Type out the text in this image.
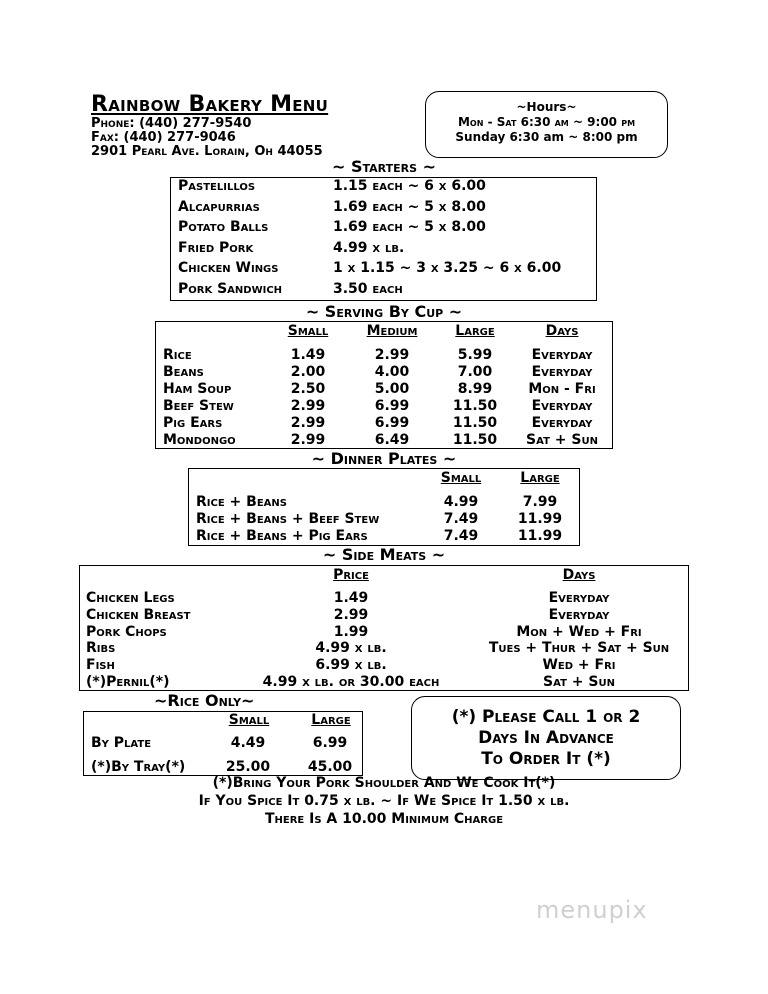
Rainbow Bakery Menu
Phone: (440) 277-9540
Fax: (440) 277-9046
2901 Pearl Ave. Lorain, Oh 44055
~Hours~
Mon - Sat 6:30 am ~ 9:00 pm
Sunday 6:30 am ~ 8:00 pm
~ Starters ~
Pastelillos	1.15 each ~ 6 x 6.00
Alcapurrias	1.69 each ~ 5 x 8.00
Potato Balls	1.69 each ~ 5 x 8.00
Fried Pork	4.99 x lb.
Chicken Wings	1 x 1.15 ~ 3 x 3.25 ~ 6 x 6.00
Pork Sandwich	3.50 each
~ Serving By Cup ~
Small	Medium	Large	Days
Rice	1.49	2.99	5.99	Everyday
Beans	2.00	4.00	7.00	Everyday
Ham Soup	2.50	5.00	8.99	Mon - Fri
Beef Stew	2.99	6.99	11.50 Everyday
Pig Ears	2.99	6.99	11.50 Everyday
Mondongo	2.99	6.49	11.50 Sat + Sun
~ Dinner Plates ~
Small	Large
Rice + Beans	4.99	7.99
Rice + Beans + Beef Stew	7.49	11.99
Rice + Beans + Pig Ears	7.49	11.99
~ Side Meats ~
Price	Days
Chicken Legs	1.49	Everyday
Chicken Breast	2.99	Everyday
Pork Chops	1.99	Mon + Wed + Fri
Ribs	4.99 x lb.	Tues + Thur + Sat + Sun
Fish	6.99 x lb.	Wed + Fri
(*)Pernil(*)	4.99 x lb. or 30.00 each	Sat + Sun
~Rice Only~
Small	Large
By Plate	4.49	6.99
(*)By Tray(*)	25.00	45.00
(*) Please Call 1 or 2
Days In Advance
To Order It (*)
(*)Bring Your Pork Shoulder And We Cook It(*)
If You Spice It 0.75 x lb. ~ If We Spice It 1.50 x lb.
There Is A 10.00 Minimum Charge
menupix
